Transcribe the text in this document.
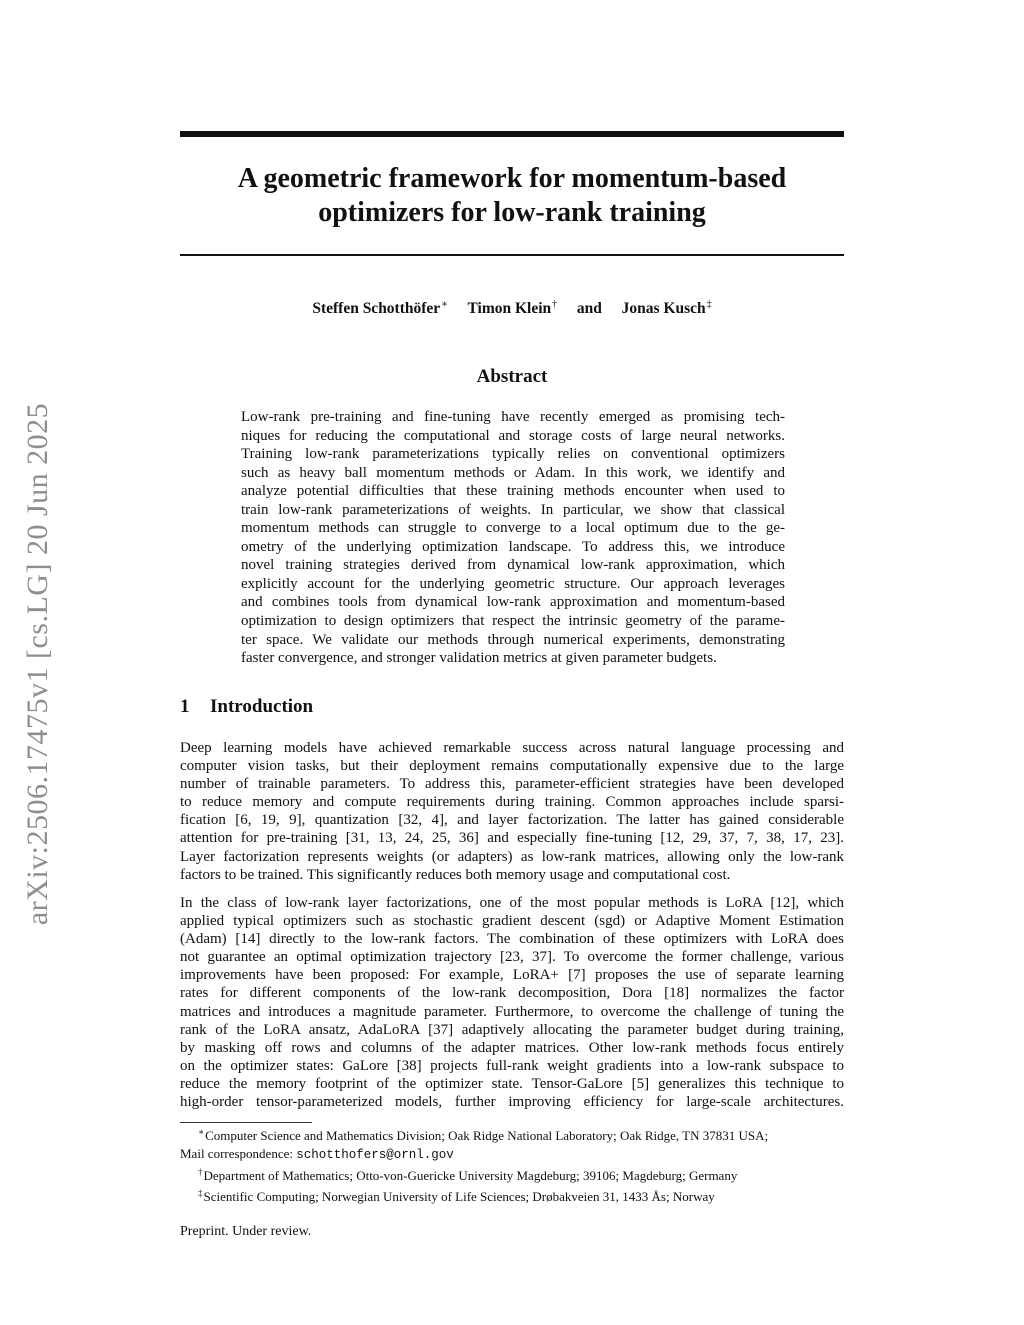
arXiv:2506.17475v1 [cs.LG] 20 Jun 2025
A geometric framework for momentum-based
optimizers for low-rank training
Steffen Schotthöfer∗ Timon Klein† and Jonas Kusch‡
Abstract
Low-rank pre-training and fine-tuning have recently emerged as promising tech-
niques for reducing the computational and storage costs of large neural networks.
Training low-rank parameterizations typically relies on conventional optimizers
such as heavy ball momentum methods or Adam. In this work, we identify and
analyze potential difficulties that these training methods encounter when used to
train low-rank parameterizations of weights. In particular, we show that classical
momentum methods can struggle to converge to a local optimum due to the ge-
ometry of the underlying optimization landscape. To address this, we introduce
novel training strategies derived from dynamical low-rank approximation, which
explicitly account for the underlying geometric structure. Our approach leverages
and combines tools from dynamical low-rank approximation and momentum-based
optimization to design optimizers that respect the intrinsic geometry of the parame-
ter space. We validate our methods through numerical experiments, demonstrating
faster convergence, and stronger validation metrics at given parameter budgets.
1 Introduction
Deep learning models have achieved remarkable success across natural language processing and
computer vision tasks, but their deployment remains computationally expensive due to the large
number of trainable parameters. To address this, parameter-efficient strategies have been developed
to reduce memory and compute requirements during training. Common approaches include sparsi-
fication [6, 19, 9], quantization [32, 4], and layer factorization. The latter has gained considerable
attention for pre-training [31, 13, 24, 25, 36] and especially fine-tuning [12, 29, 37, 7, 38, 17, 23].
Layer factorization represents weights (or adapters) as low-rank matrices, allowing only the low-rank
factors to be trained. This significantly reduces both memory usage and computational cost.
In the class of low-rank layer factorizations, one of the most popular methods is LoRA [12], which
applied typical optimizers such as stochastic gradient descent (sgd) or Adaptive Moment Estimation
(Adam) [14] directly to the low-rank factors. The combination of these optimizers with LoRA does
not guarantee an optimal optimization trajectory [23, 37]. To overcome the former challenge, various
improvements have been proposed: For example, LoRA+ [7] proposes the use of separate learning
rates for different components of the low-rank decomposition, Dora [18] normalizes the factor
matrices and introduces a magnitude parameter. Furthermore, to overcome the challenge of tuning the
rank of the LoRA ansatz, AdaLoRA [37] adaptively allocating the parameter budget during training,
by masking off rows and columns of the adapter matrices. Other low-rank methods focus entirely
on the optimizer states: GaLore [38] projects full-rank weight gradients into a low-rank subspace to
reduce the memory footprint of the optimizer state. Tensor-GaLore [5] generalizes this technique to
high-order tensor-parameterized models, further improving efficiency for large-scale architectures.
∗Computer Science and Mathematics Division; Oak Ridge National Laboratory; Oak Ridge, TN 37831 USA;
Mail correspondence: schotthofers@ornl.gov
†Department of Mathematics; Otto-von-Guericke University Magdeburg; 39106; Magdeburg; Germany
‡Scientific Computing; Norwegian University of Life Sciences; Drøbakveien 31, 1433 Ås; Norway
Preprint. Under review.
